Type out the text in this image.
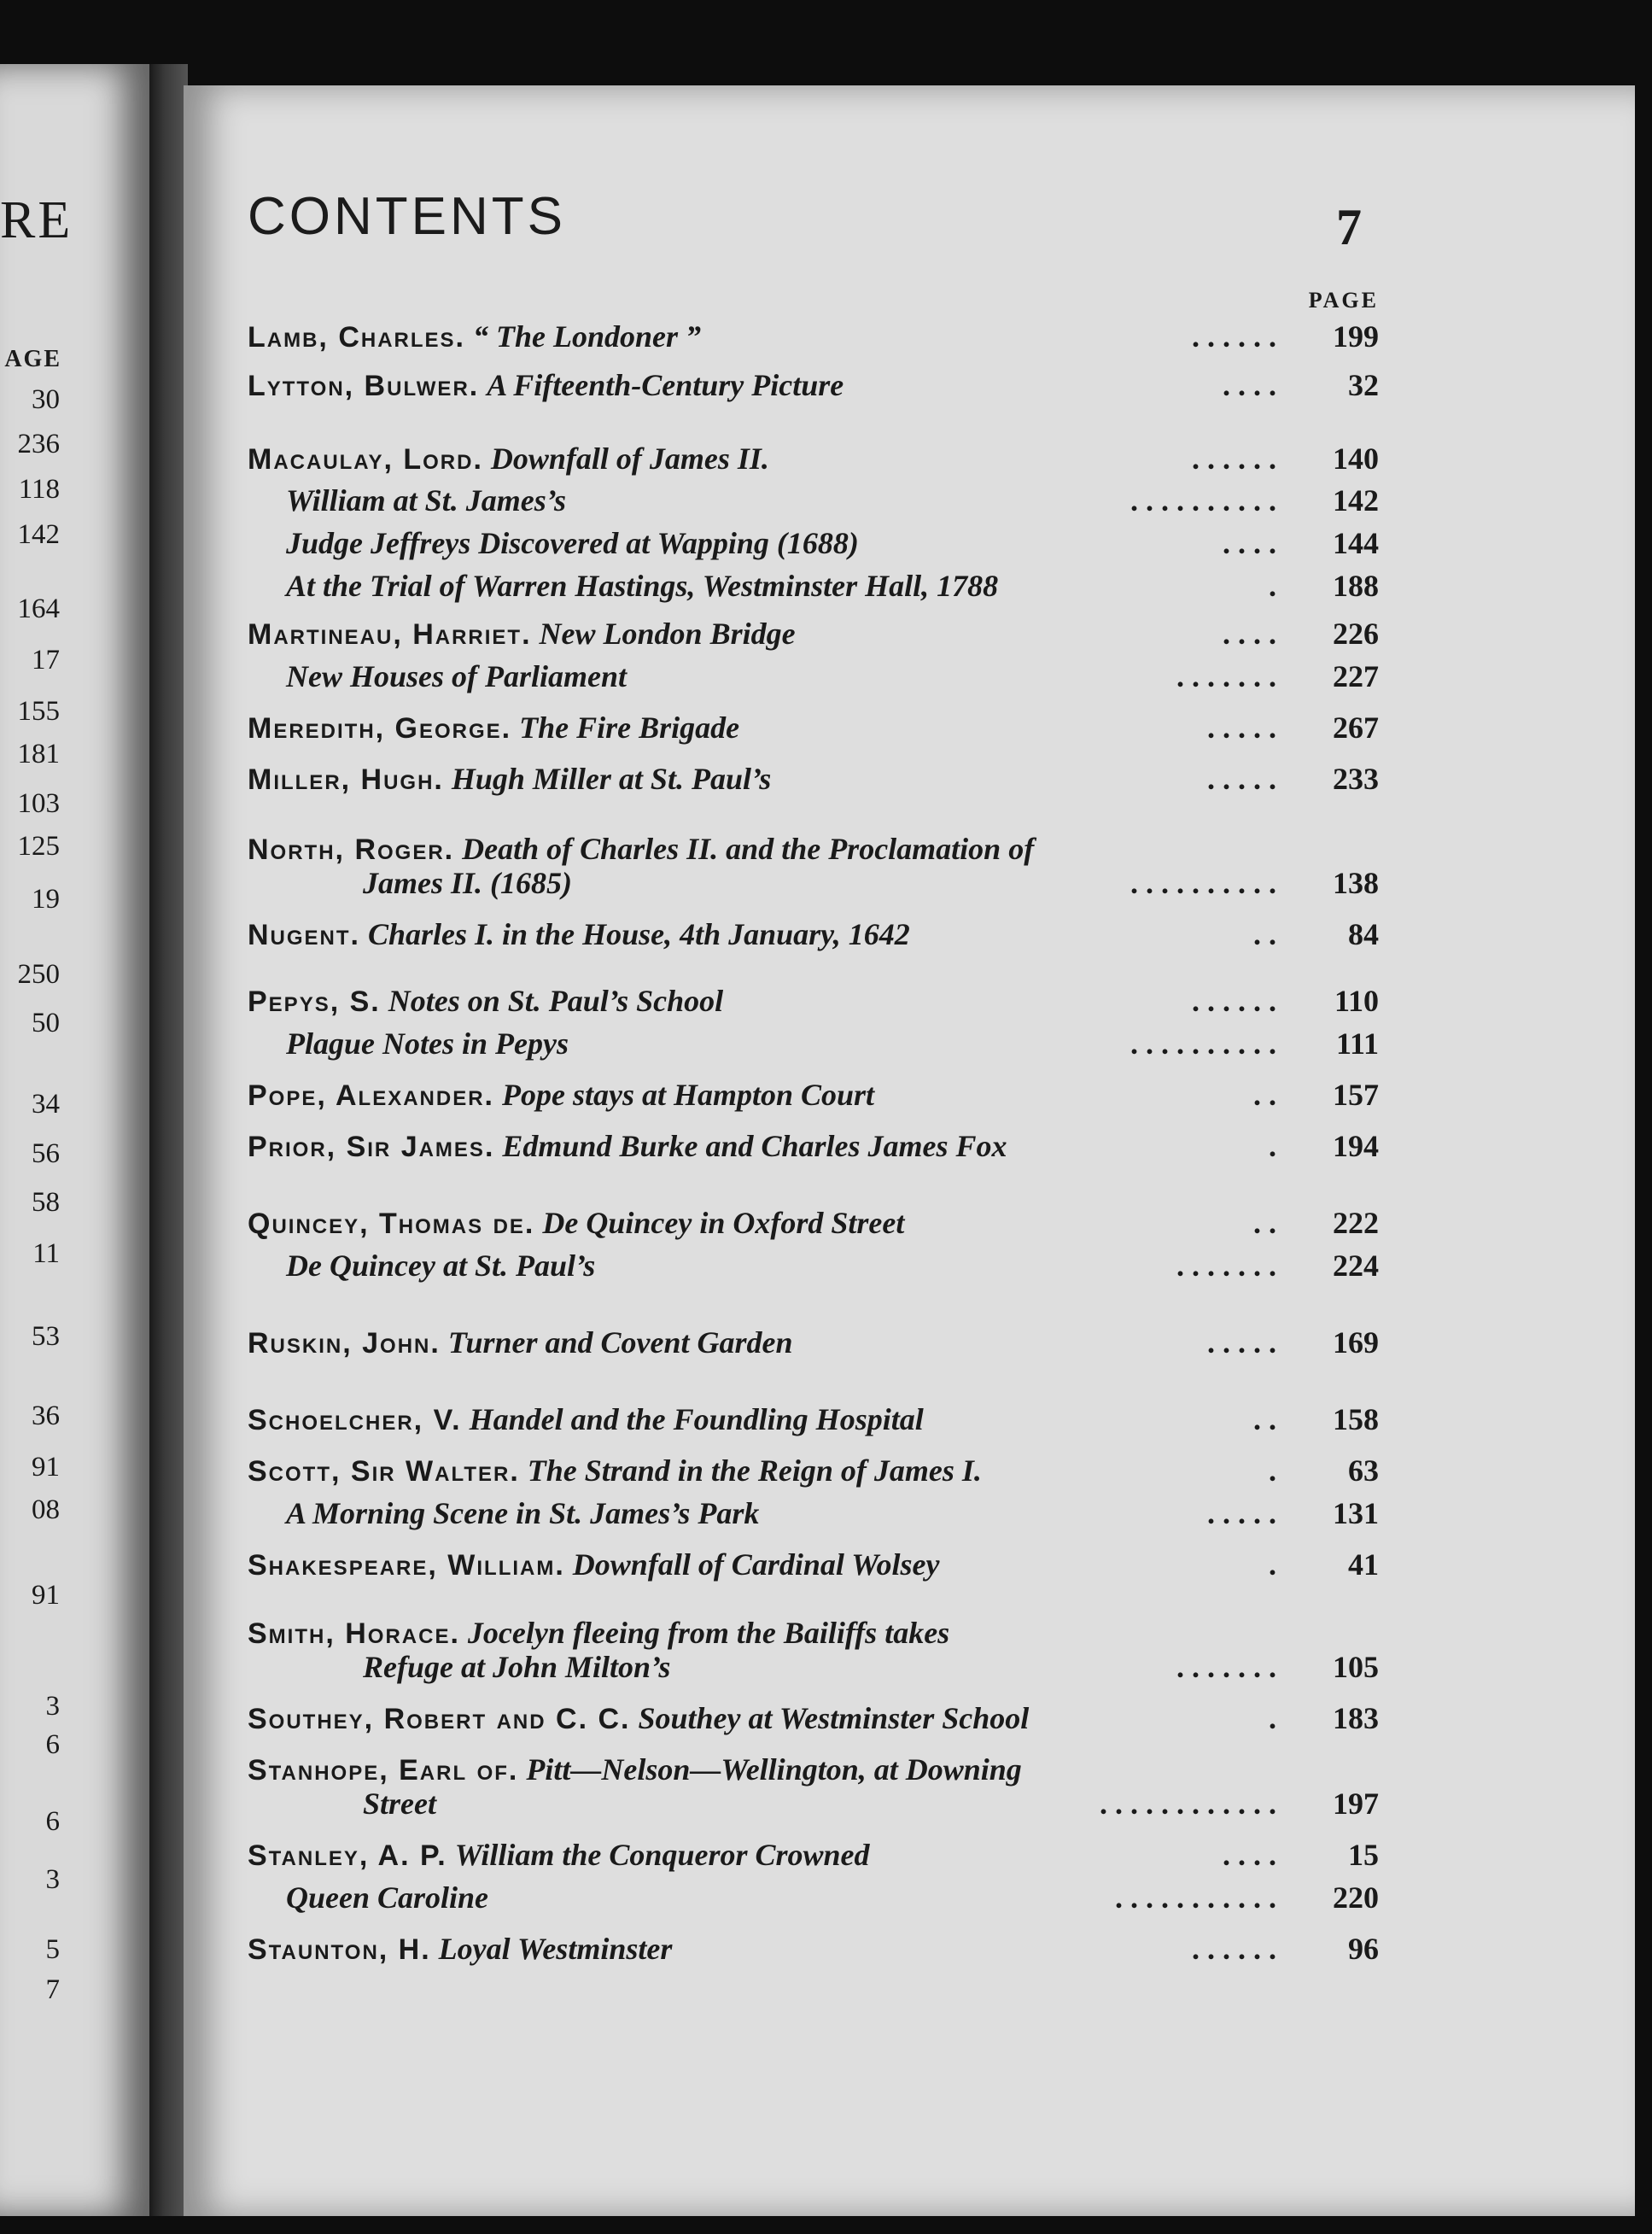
RE
AGE
30
236
118
142
164
17
155
181
103
125
19
250
50
34
56
58
11
53
36
91
08
91
3
6
6
3
5
7
CONTENTS	7
PAGE
Lamb, Charles. “ The Londoner ”	. . . . . .	199
Lytton, Bulwer. A Fifteenth-Century Picture	. . . .	32
Macaulay, Lord. Downfall of James II.	. . . . . .	140
William at St. James’s	. . . . . . . . . .	142
Judge Jeffreys Discovered at Wapping (1688)	. . . .	144
At the Trial of Warren Hastings, Westminster Hall, 1788	.	188
Martineau, Harriet. New London Bridge	. . . .	226
New Houses of Parliament	. . . . . . .	227
Meredith, George. The Fire Brigade	. . . . .	267
Miller, Hugh. Hugh Miller at St. Paul’s	. . . . .	233
North, Roger. Death of Charles II. and the Proclamation of
James II. (1685)	. . . . . . . . . .	138
Nugent. Charles I. in the House, 4th January, 1642	. .	84
Pepys, S. Notes on St. Paul’s School	. . . . . .	110
Plague Notes in Pepys	. . . . . . . . . .	111
Pope, Alexander. Pope stays at Hampton Court	. .	157
Prior, Sir James. Edmund Burke and Charles James Fox	.	194
Quincey, Thomas de. De Quincey in Oxford Street	. .	222
De Quincey at St. Paul’s	. . . . . . .	224
Ruskin, John. Turner and Covent Garden	. . . . .	169
Schoelcher, V. Handel and the Foundling Hospital	. .	158
Scott, Sir Walter. The Strand in the Reign of James I.	.	63
A Morning Scene in St. James’s Park	. . . . .	131
Shakespeare, William. Downfall of Cardinal Wolsey	.	41
Smith, Horace. Jocelyn fleeing from the Bailiffs takes
Refuge at John Milton’s	. . . . . . .	105
Southey, Robert and C. C. Southey at Westminster School	.	183
Stanhope, Earl of. Pitt—Nelson—Wellington, at Downing
Street	. . . . . . . . . . . .	197
Stanley, A. P. William the Conqueror Crowned	. . . .	15
Queen Caroline	. . . . . . . . . . .	220
Staunton, H. Loyal Westminster	. . . . . .	96
